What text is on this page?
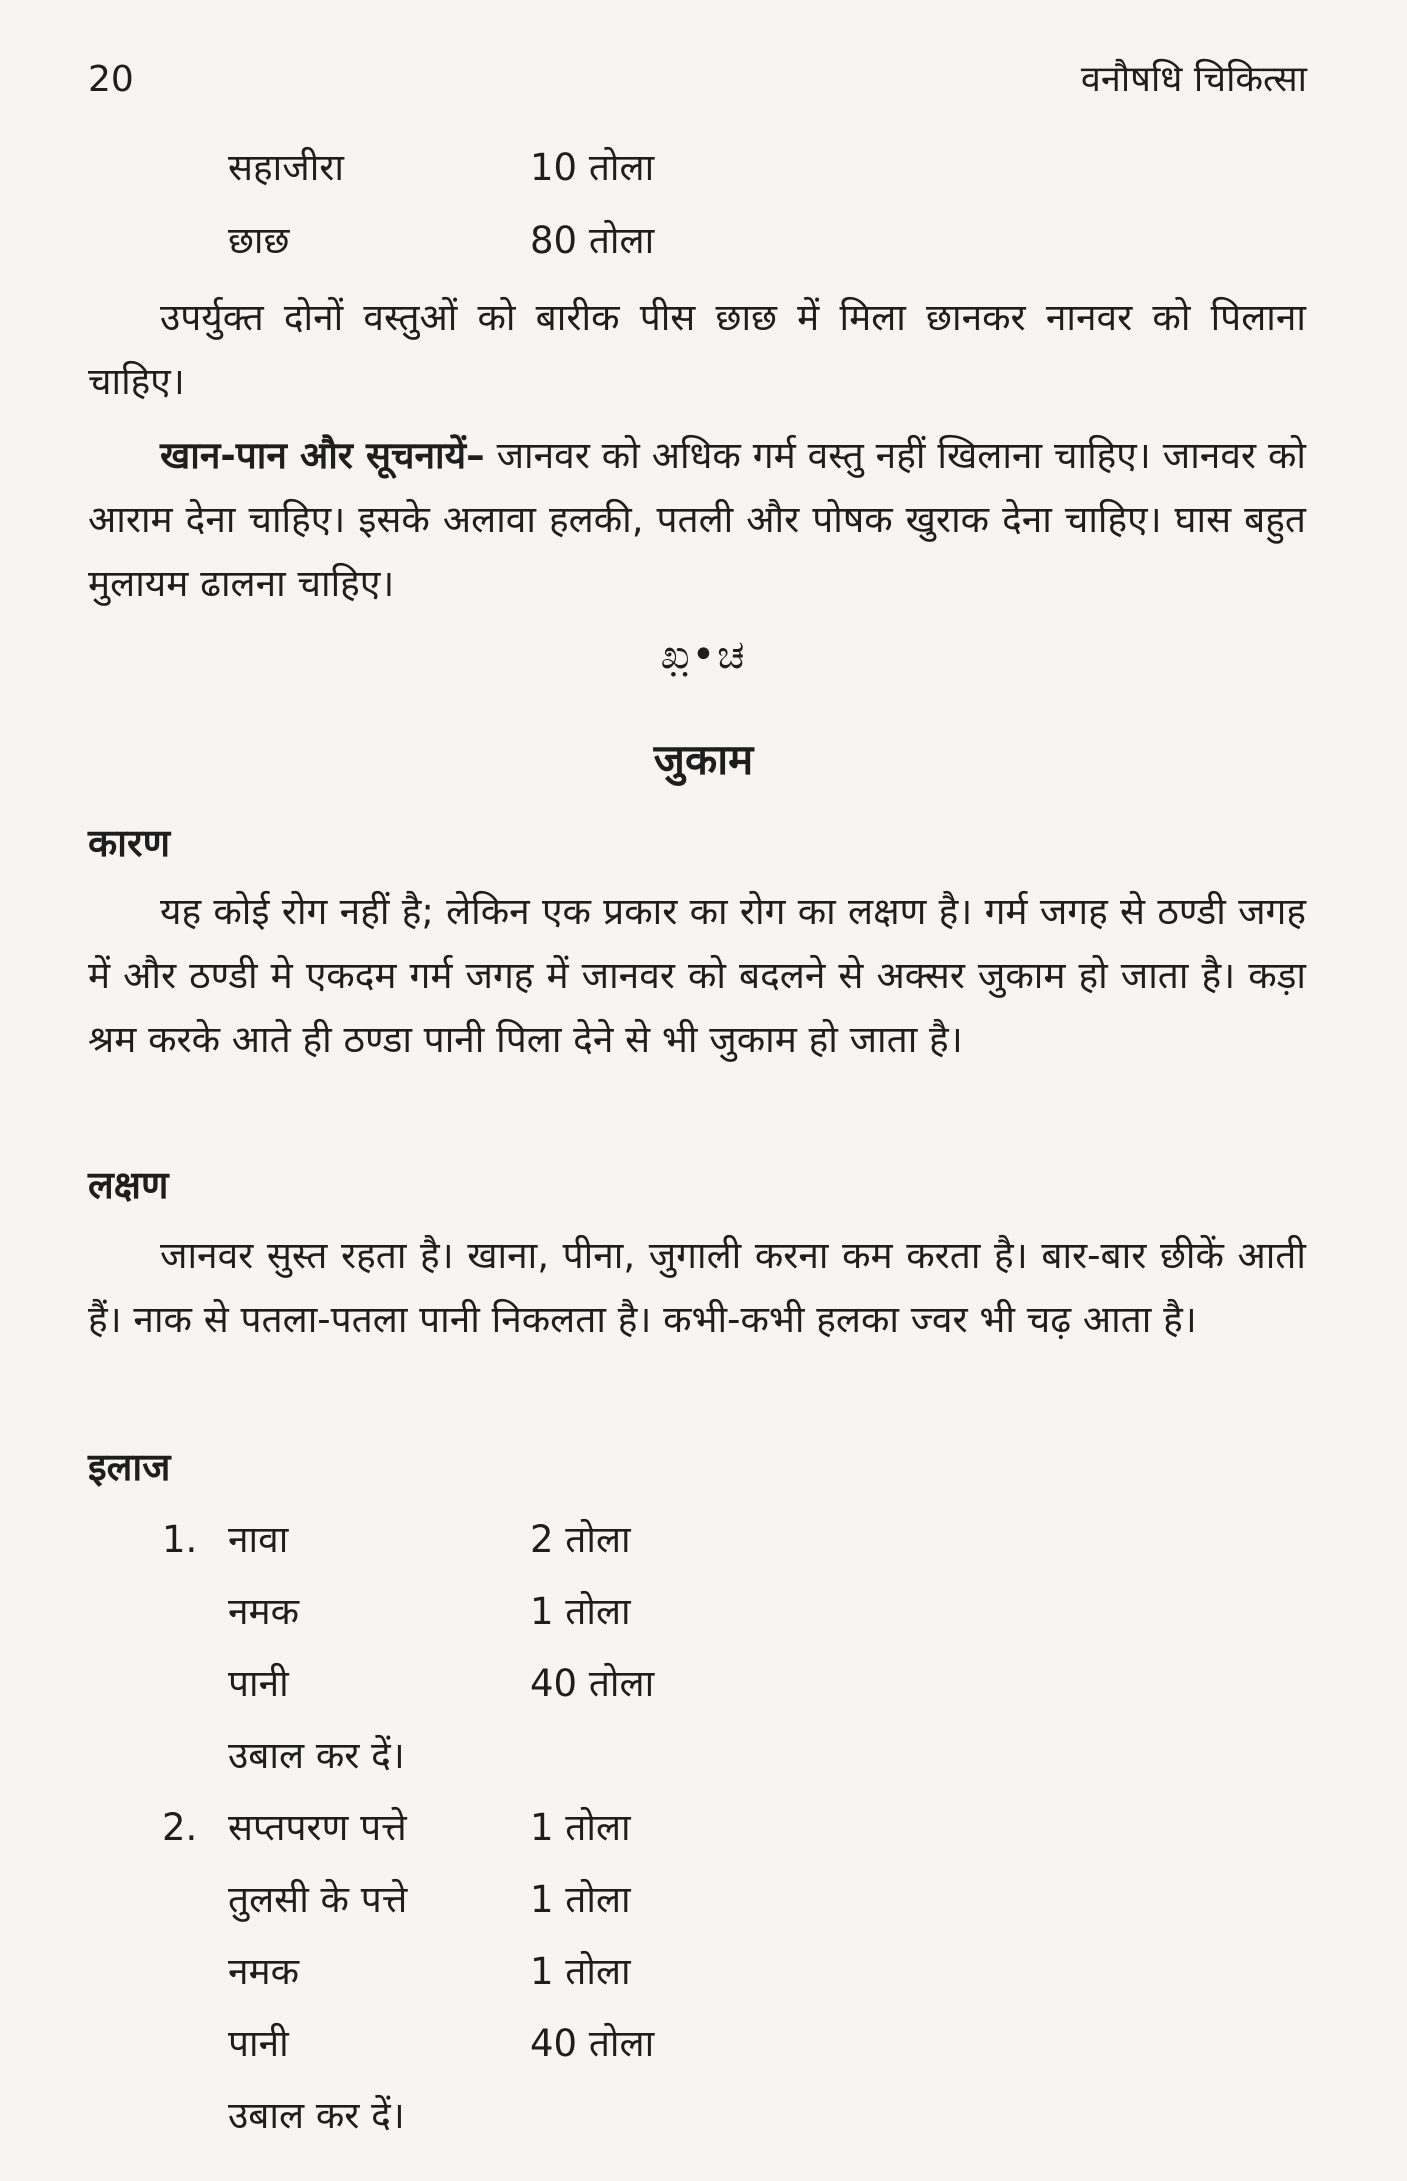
20	वनौषधि चिकित्सा
सहाजीरा	10 तोला
छाछ	80 तोला

उपर्युक्त दोनों वस्तुओं को बारीक पीस छाछ में मिला छानकर नानवर को पिलाना चाहिए।

खान-पान और सूचनायें– जानवर को अधिक गर्म वस्तु नहीं खिलाना चाहिए। जानवर को आराम देना चाहिए। इसके अलावा हलकी, पतली और पोषक खुराक देना चाहिए। घास बहुत मुलायम ढालना चाहिए।

ಖ಼•ಚ
जुकाम
कारण

यह कोई रोग नहीं है; लेकिन एक प्रकार का रोग का लक्षण है। गर्म जगह से ठण्डी जगह में और ठण्डी मे एकदम गर्म जगह में जानवर को बदलने से अक्सर जुकाम हो जाता है। कड़ा श्रम करके आते ही ठण्डा पानी पिला देने से भी जुकाम हो जाता है।

लक्षण

जानवर सुस्त रहता है। खाना, पीना, जुगाली करना कम करता है। बार-बार छीकें आती हैं। नाक से पतला-पतला पानी निकलता है। कभी-कभी हलका ज्वर भी चढ़ आता है।

इलाज
1. नावा	2 तोला
नमक	1 तोला
पानी	40 तोला
उबाल कर दें।
2. सप्तपरण पत्ते	1 तोला
तुलसी के पत्ते	1 तोला
नमक	1 तोला
पानी	40 तोला
उबाल कर दें।
